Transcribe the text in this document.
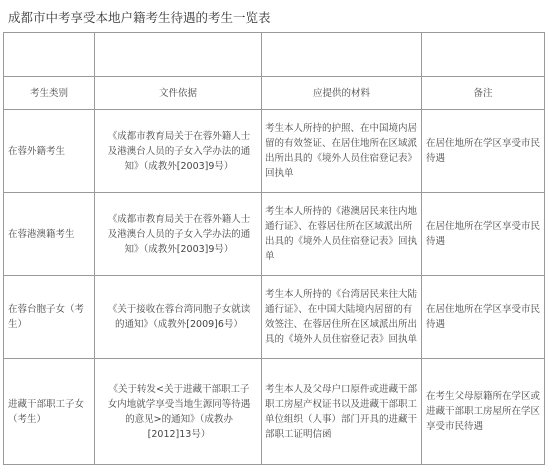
成都市中考享受本地户籍考生待遇的考生一览表

考生类别	文件依据	应提供的材料	备注

在蓉外籍考生	《成都市教育局关于在蓉外籍人士及港澳台人员的子女入学办法的通知》（成教外[2003]9号）	考生本人所持的护照、在中国境内居留的有效签证、在居住地所在区域派出所出具的《境外人员住宿登记表》回执单	在居住地所在学区享受市民待遇

在蓉港澳籍考生	《成都市教育局关于在蓉外籍人士及港澳台人员的子女入学办法的通知》（成教外[2003]9号）	考生本人所持的《港澳居民来往内地通行证》、在蓉居住所在区域派出所出具的《境外人员住宿登记表》回执单	在居住地所在学区享受市民待遇

在蓉台胞子女（考生）	《关于接收在蓉台湾同胞子女就读的通知》（成教外[2009]6号）	考生本人所持的《台湾居民来往大陆通行证》、在中国大陆境内居留的有效签注、在蓉居住所在区域派出所出具的《境外人员住宿登记表》回执单	在居住地所在学区享受市民待遇

进藏干部职工子女（考生）	《关于转发<关于进藏干部职工子女内地就学享受当地生源同等待遇的意见>的通知》（成教办[2012]13号）	考生本人及父母户口原件或进藏干部职工房屋产权证书以及进藏干部职工单位组织（人事）部门开具的进藏干部职工证明信函	在考生父母原籍所在学区或进藏干部职工房屋所在学区享受市民待遇
